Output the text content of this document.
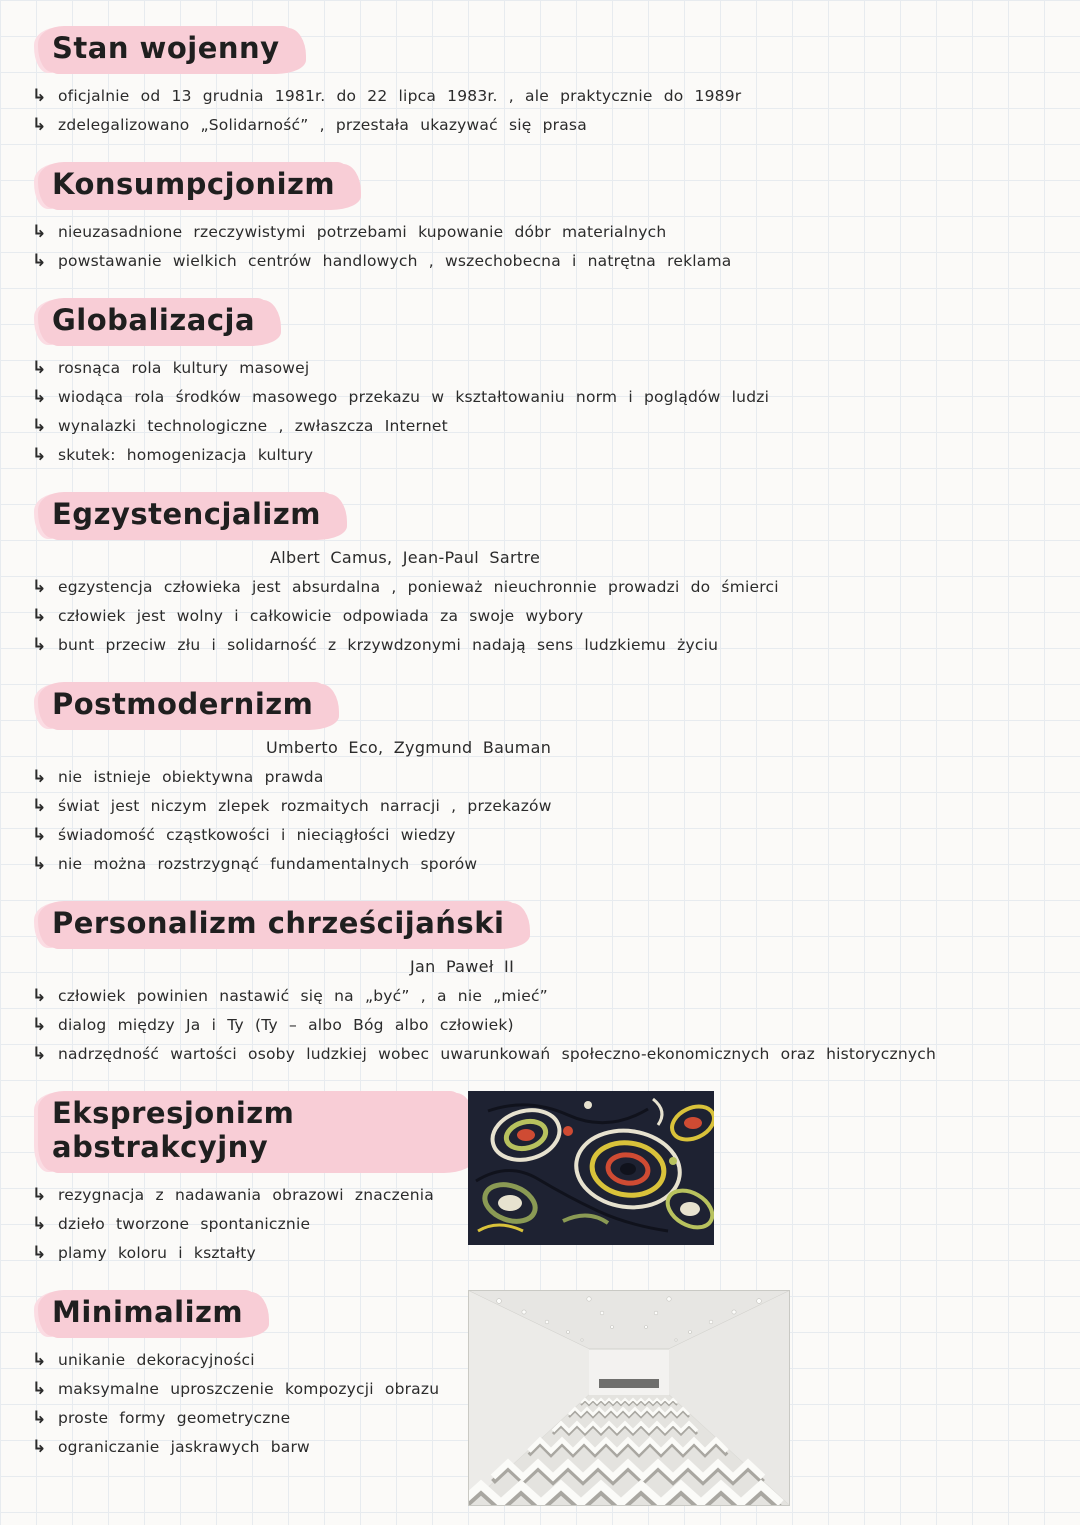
Stan wojenny
↳ oficjalnie od 13 grudnia 1981r. do 22 lipca 1983r. , ale praktycznie do 1989r
↳ zdelegalizowano „Solidarność” , przestała ukazywać się prasa
Konsumpcjonizm
↳ nieuzasadnione rzeczywistymi potrzebami kupowanie dóbr materialnych
↳ powstawanie wielkich centrów handlowych , wszechobecna i natrętna reklama
Globalizacja
↳ rosnąca rola kultury masowej
↳ wiodąca rola środków masowego przekazu w kształtowaniu norm i poglądów ludzi
↳ wynalazki technologiczne , zwłaszcza Internet
↳ skutek: homogenizacja kultury
Egzystencjalizm
Albert Camus, Jean-Paul Sartre
↳ egzystencja człowieka jest absurdalna , ponieważ nieuchronnie prowadzi do śmierci
↳ człowiek jest wolny i całkowicie odpowiada za swoje wybory
↳ bunt przeciw złu i solidarność z krzywdzonymi nadają sens ludzkiemu życiu
Postmodernizm
Umberto Eco, Zygmund Bauman
↳ nie istnieje obiektywna prawda
↳ świat jest niczym zlepek rozmaitych narracji , przekazów
↳ świadomość cząstkowości i nieciągłości wiedzy
↳ nie można rozstrzygnąć fundamentalnych sporów
Personalizm chrześcijański
Jan Paweł II
↳ człowiek powinien nastawić się na „być” , a nie „mieć”
↳ dialog między Ja i Ty (Ty – albo Bóg albo człowiek)
↳ nadrzędność wartości osoby ludzkiej wobec uwarunkowań społeczno-ekonomicznych oraz historycznych
Ekspresjonizm abstrakcyjny
↳ rezygnacja z nadawania obrazowi znaczenia
↳ dzieło tworzone spontanicznie
↳ plamy koloru i kształty
Minimalizm
↳ unikanie dekoracyjności
↳ maksymalne uproszczenie kompozycji obrazu
↳ proste formy geometryczne
↳ ograniczanie jaskrawych barw
